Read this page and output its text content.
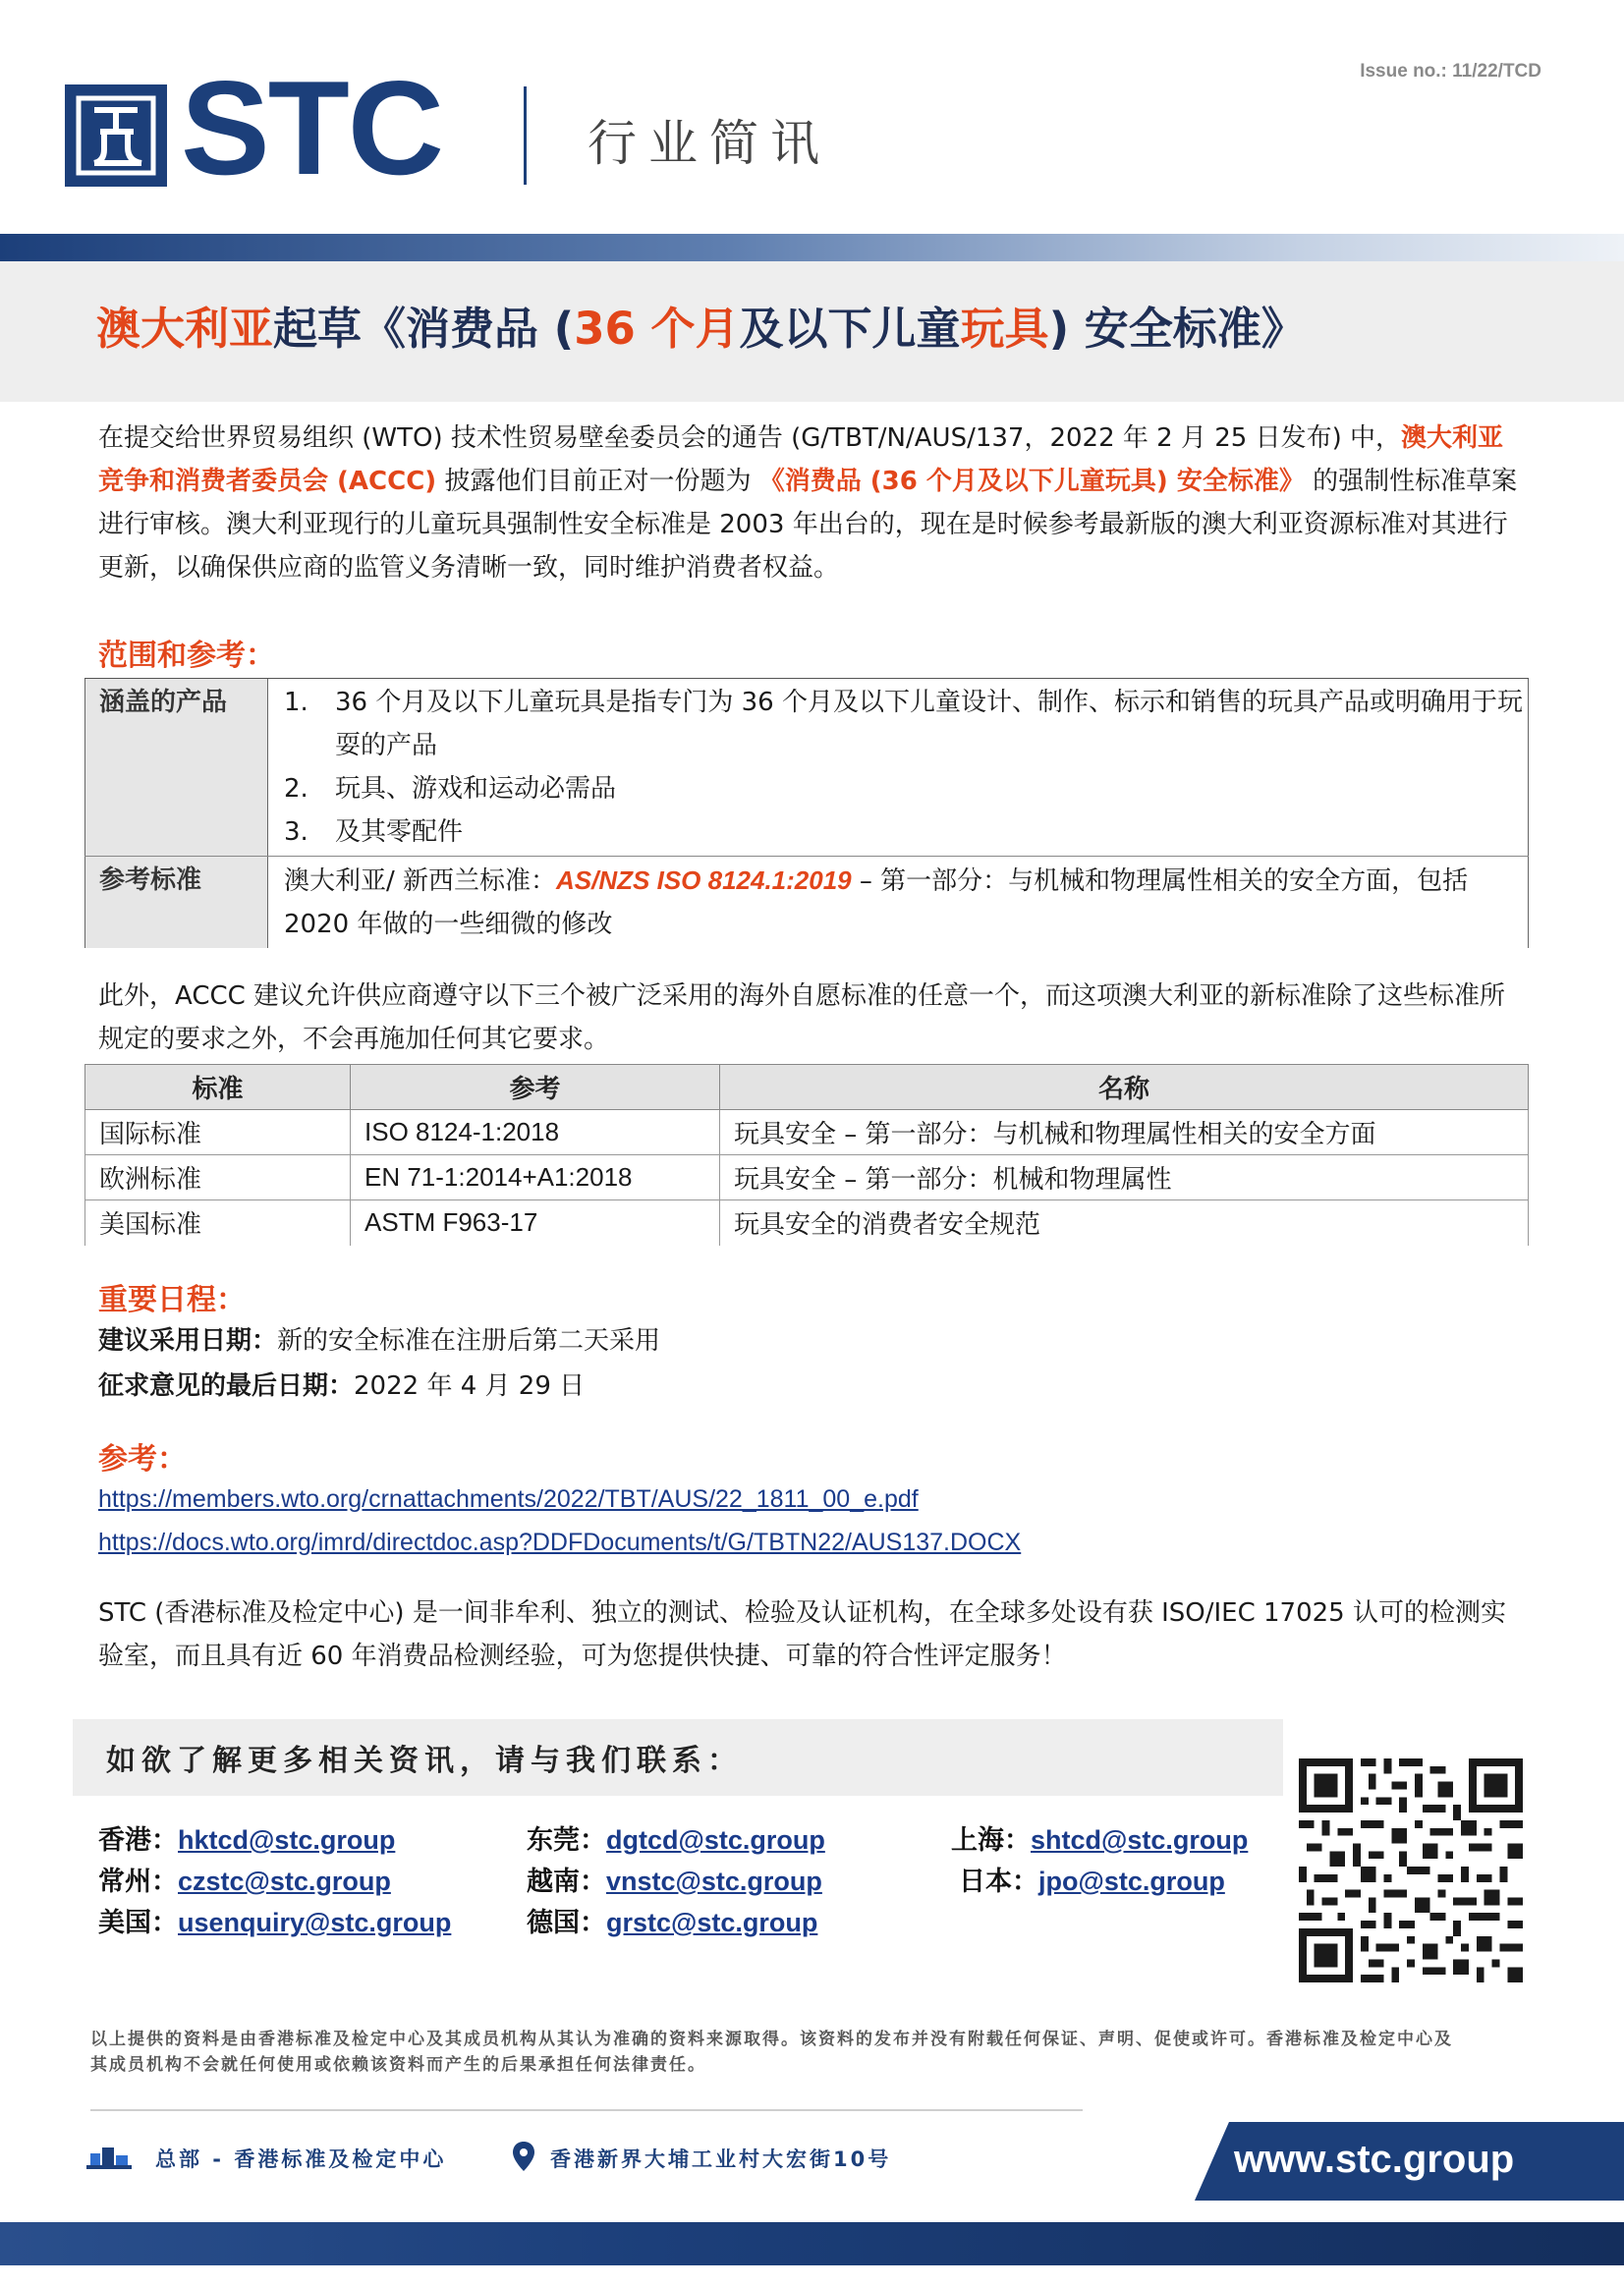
Issue no.: 11/22/TCD
STC	行业简讯
澳大利亚起草《消费品 (36 个月及以下儿童玩具) 安全标准》
在提交给世界贸易组织 (WTO) 技术性贸易壁垒委员会的通告 (G/TBT/N/AUS/137，2022 年 2 月 25 日发布) 中，澳大利亚竞争和消费者委员会 (ACCC) 披露他们目前正对一份题为 《消费品 (36 个月及以下儿童玩具) 安全标准》 的强制性标准草案进行审核。澳大利亚现行的儿童玩具强制性安全标准是 2003 年出台的，现在是时候参考最新版的澳大利亚资源标准对其进行更新，以确保供应商的监管义务清晰一致，同时维护消费者权益。
范围和参考：
涵盖的产品	1.	36 个月及以下儿童玩具是指专门为 36 个月及以下儿童设计、制作、标示和销售的玩具产品或明确用于玩耍的产品
2.	玩具、游戏和运动必需品
3.	及其零配件
参考标准	澳大利亚/ 新西兰标准：AS/NZS ISO 8124.1:2019 – 第一部分：与机械和物理属性相关的安全方面，包括 2020 年做的一些细微的修改
此外，ACCC 建议允许供应商遵守以下三个被广泛采用的海外自愿标准的任意一个，而这项澳大利亚的新标准除了这些标准所规定的要求之外，不会再施加任何其它要求。
标准	参考	名称
国际标准	ISO 8124-1:2018	玩具安全 – 第一部分：与机械和物理属性相关的安全方面
欧洲标准	EN 71-1:2014+A1:2018	玩具安全 – 第一部分：机械和物理属性
美国标准	ASTM F963-17	玩具安全的消费者安全规范
重要日程：
建议采用日期：新的安全标准在注册后第二天采用
征求意见的最后日期：2022 年 4 月 29 日
参考：
https://members.wto.org/crnattachments/2022/TBT/AUS/22_1811_00_e.pdf
https://docs.wto.org/imrd/directdoc.asp?DDFDocuments/t/G/TBTN22/AUS137.DOCX
STC (香港标准及检定中心) 是一间非牟利、独立的测试、检验及认证机构，在全球多处设有获 ISO/IEC 17025 认可的检测实验室，而且具有近 60 年消费品检测经验，可为您提供快捷、可靠的符合性评定服务！
如欲了解更多相关资讯，请与我们联系：
香港：hktcd@stc.group
常州：czstc@stc.group
美国：usenquiry@stc.group
东莞：dgtcd@stc.group
越南：vnstc@stc.group
德国：grstc@stc.group
上海：shtcd@stc.group
日本：jpo@stc.group
以上提供的资料是由香港标准及检定中心及其成员机构从其认为准确的资料来源取得。该资料的发布并没有附载任何保证、声明、促使或许可。香港标准及检定中心及其成员机构不会就任何使用或依赖该资料而产生的后果承担任何法律责任。
总部 - 香港标准及检定中心	香港新界大埔工业村大宏街10号	www.stc.group
